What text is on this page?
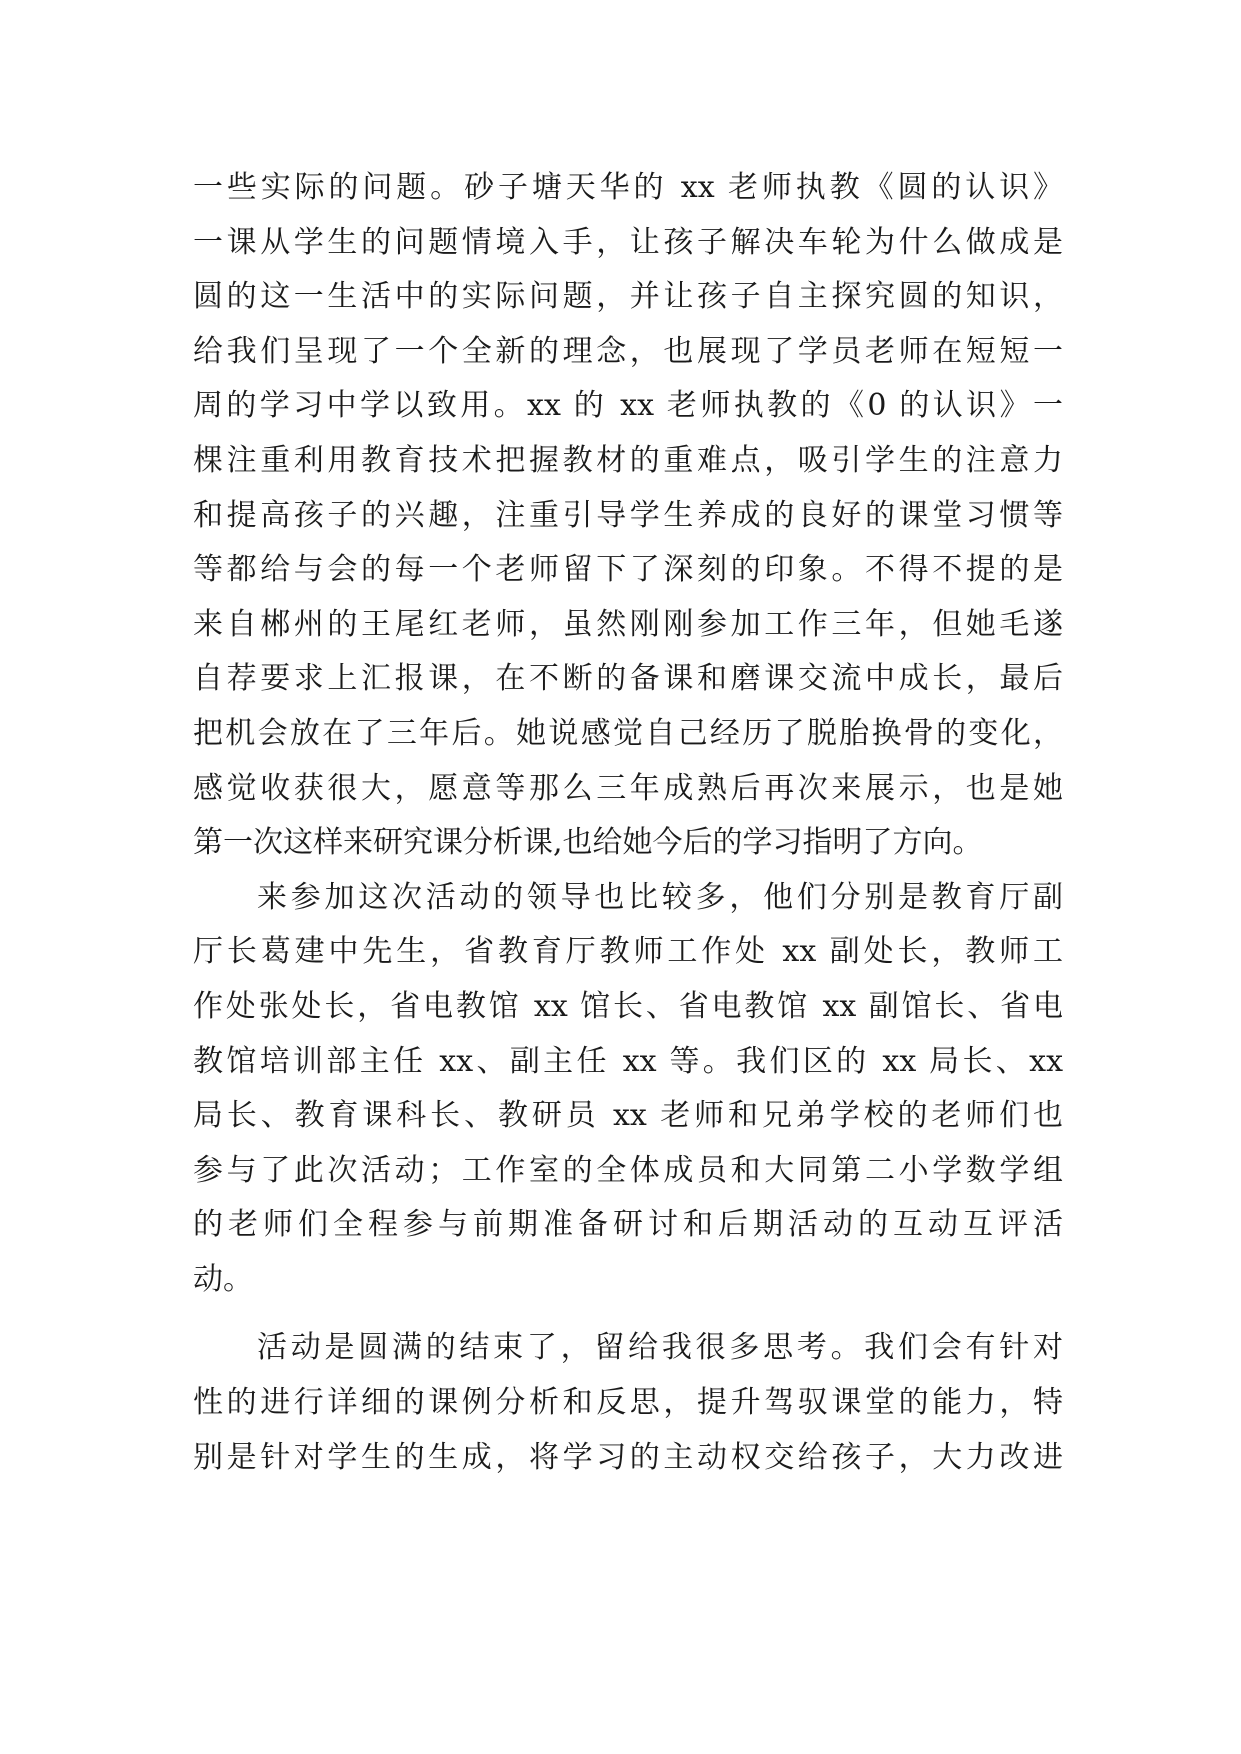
一些实际的问题。砂子塘天华的 xx 老师执教《圆的认识》
一课从学生的问题情境入手，让孩子解决车轮为什么做成是
圆的这一生活中的实际问题，并让孩子自主探究圆的知识，
给我们呈现了一个全新的理念，也展现了学员老师在短短一
周的学习中学以致用。xx 的 xx 老师执教的《0 的认识》一
棵注重利用教育技术把握教材的重难点，吸引学生的注意力
和提高孩子的兴趣，注重引导学生养成的良好的课堂习惯等
等都给与会的每一个老师留下了深刻的印象。不得不提的是
来自郴州的王尾红老师，虽然刚刚参加工作三年，但她毛遂
自荐要求上汇报课，在不断的备课和磨课交流中成长，最后
把机会放在了三年后。她说感觉自己经历了脱胎换骨的变化，
感觉收获很大，愿意等那么三年成熟后再次来展示，也是她
第一次这样来研究课分析课,也给她今后的学习指明了方向。
来参加这次活动的领导也比较多，他们分别是教育厅副
厅长葛建中先生，省教育厅教师工作处 xx 副处长，教师工
作处张处长，省电教馆 xx 馆长、省电教馆 xx 副馆长、省电
教馆培训部主任 xx、副主任 xx 等。我们区的 xx 局长、xx
局长、教育课科长、教研员 xx 老师和兄弟学校的老师们也
参与了此次活动；工作室的全体成员和大同第二小学数学组
的老师们全程参与前期准备研讨和后期活动的互动互评活
动。
活动是圆满的结束了，留给我很多思考。我们会有针对
性的进行详细的课例分析和反思，提升驾驭课堂的能力，特
别是针对学生的生成，将学习的主动权交给孩子，大力改进
